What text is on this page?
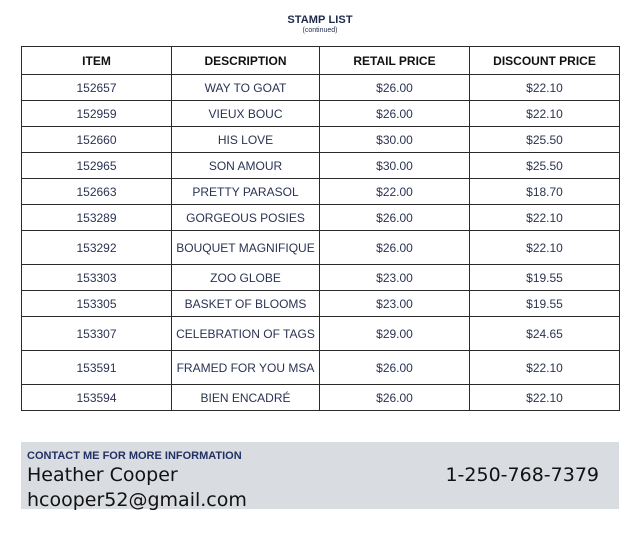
STAMP LIST
(continued)
ITEM	DESCRIPTION	RETAIL PRICE	DISCOUNT PRICE
152657	WAY TO GOAT	$26.00	$22.10
152959	VIEUX BOUC	$26.00	$22.10
152660	HIS LOVE	$30.00	$25.50
152965	SON AMOUR	$30.00	$25.50
152663	PRETTY PARASOL	$22.00	$18.70
153289	GORGEOUS POSIES	$26.00	$22.10
153292	BOUQUET MAGNIFIQUE	$26.00	$22.10
153303	ZOO GLOBE	$23.00	$19.55
153305	BASKET OF BLOOMS	$23.00	$19.55
153307	CELEBRATION OF TAGS	$29.00	$24.65
153591	FRAMED FOR YOU MSA	$26.00	$22.10
153594	BIEN ENCADRÉ	$26.00	$22.10
CONTACT ME FOR MORE INFORMATION
Heather Cooper	1-250-768-7379
hcooper52@gmail.com
